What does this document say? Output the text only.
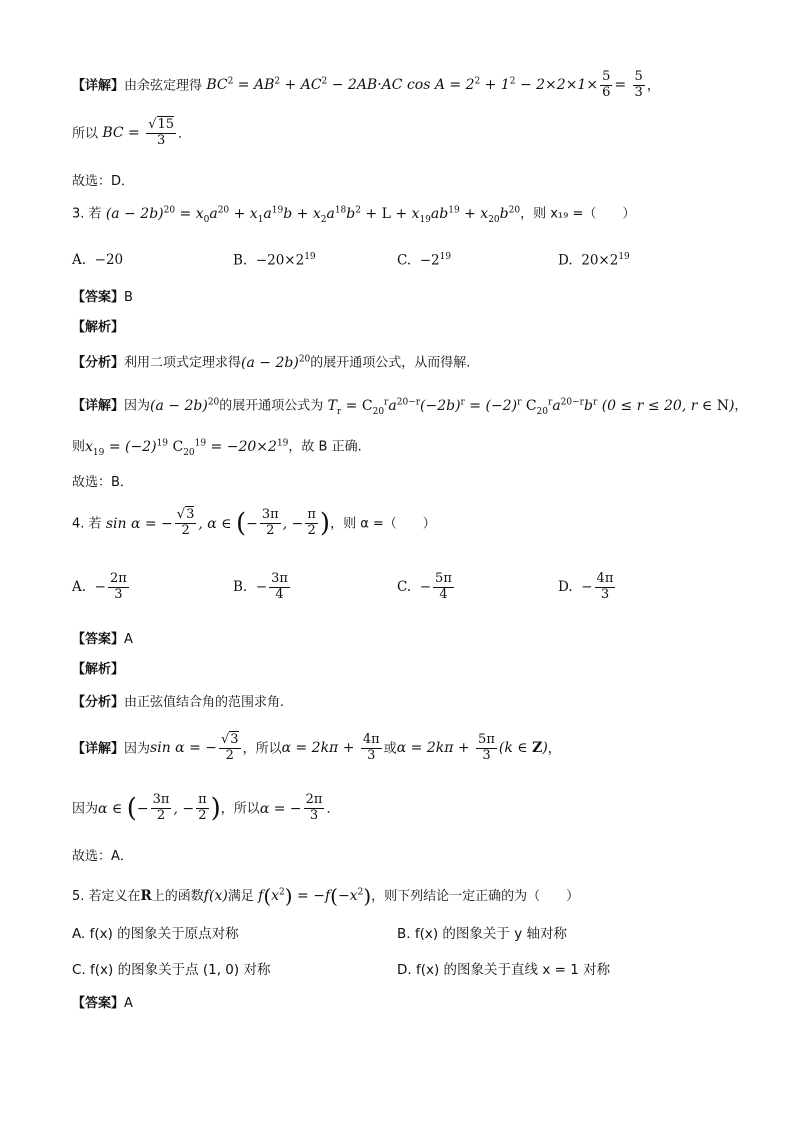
【详解】由余弦定理得 $BC^2 = AB^2 + AC^2 - 2AB\cdot AC$ $\cos A = 2^2 + 1^2 - 2\times 2\times 1\times \frac{5}{6} = \frac{5}{3}$ ，
所以 BC = $\frac{√15}{3}$ ．
故选：D．
3. 若 $(a - 2b)^{20} = x_0a^{20} + x_1a^{19}b + x_2a^{18}b^2 + L + x_{19}ab^{19} + x_{20}b^{20}$，则 x₁₉ =（　　）
A. −20	B. $-20\times 2^{19}$	C. $-2^{19}$	D. $20\times 2^{19}$
【答案】B
【解析】
【分析】利用二项式定理求得$(a - 2b)^{20}$的展开通项公式，从而得解.
【详解】因为$(a - 2b)^{20}$的展开通项公式为 $T_r = C_{20}^ra^{20-r}(-2b)^r = (-2)^r$ $C_{20}^ra^{20-r}b^r$ (0 ≤ r ≤ 20, r ∈ N)，
则$x_{19} = (-2)^{19}$ $C_{20}^{19} = -20\times 2^{19}$，故 B 正确.
故选：B．
4. 若 sin α = − $\frac{√3}{2}$ , α ∈ (− $\frac{3\pi}{2}$ , − $\frac{\pi}{2}$ )，则 α =（　　）
A. − $\frac{2\pi}{3}$	B. − $\frac{3\pi}{4}$	C. − $\frac{5\pi}{4}$	D. − $\frac{4\pi}{3}$
【答案】A
【解析】
【分析】由正弦值结合角的范围求角.
【详解】因为sin α = − $\frac{√3}{2}$ ，所以$\alpha = 2k\pi + \frac{4\pi}{3}$ 或$\alpha = 2k\pi + \frac{5\pi}{3} (k$ ∈ Z)，
因为α ∈ (− $\frac{3\pi}{2}$ , − $\frac{\pi}{2}$ )，所以α = − $\frac{2\pi}{3}$ ．
故选：A．
5. 若定义在R上的函数f(x)满足 $f(x^2) = -f(-x^2)$，则下列结论一定正确的为（　　）
A. f(x) 的图象关于原点对称	B. f(x) 的图象关于 y 轴对称
C. f(x) 的图象关于点 (1, 0) 对称	D. f(x) 的图象关于直线 x = 1 对称
【答案】A
